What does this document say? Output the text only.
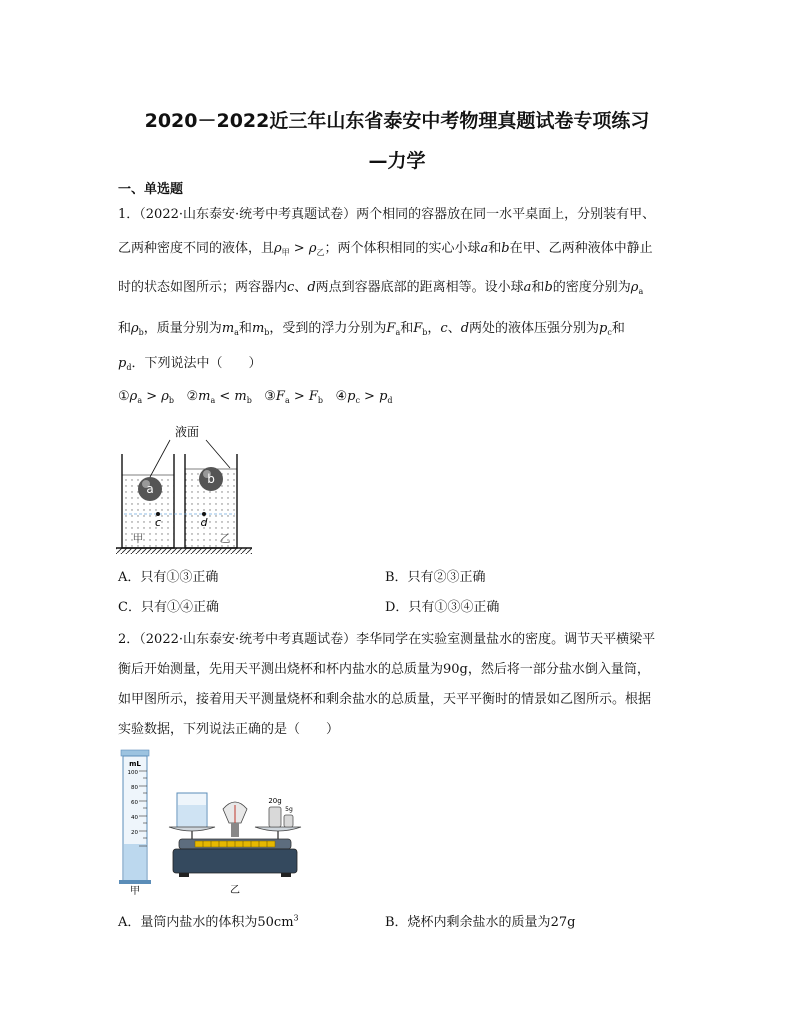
2020－2022近三年山东省泰安中考物理真题试卷专项练习
—力学
一、单选题
1．（2022·山东泰安·统考中考真题试卷）两个相同的容器放在同一水平桌面上，分别装有甲、
乙两种密度不同的液体，且$\rho_甲 > \rho_乙$；两个体积相同的实心小球a和b在甲、乙两种液体中静止
时的状态如图所示；两容器内c、d两点到容器底部的距离相等。设小球a和b的密度分别为$\rho_a$
和$\rho_b$，质量分别为$m_a$和$m_b$，受到的浮力分别为$F_a$和$F_b$，c、d两处的液体压强分别为$p_c$和
$p_d$．下列说法中（　　）
$①\rho_a > \rho_b$ $②m_a < m_b$ $③F_a > F_b$ $④p_c > p_d$
a
b
液面
c	d
甲	乙
A．只有①③正确	B．只有②③正确
C．只有①④正确	D．只有①③④正确
2．（2022·山东泰安·统考中考真题试卷）李华同学在实验室测量盐水的密度。调节天平横梁平
衡后开始测量，先用天平测出烧杯和杯内盐水的总质量为90g，然后将一部分盐水倒入量筒，
如甲图所示，接着用天平测量烧杯和剩余盐水的总质量，天平平衡时的情景如乙图所示。根据
实验数据，下列说法正确的是（　　）
mL
100
80
60
40
20
甲
20g
5g
乙
A．量筒内盐水的体积为$50cm^3$	B．烧杯内剩余盐水的质量为27g
